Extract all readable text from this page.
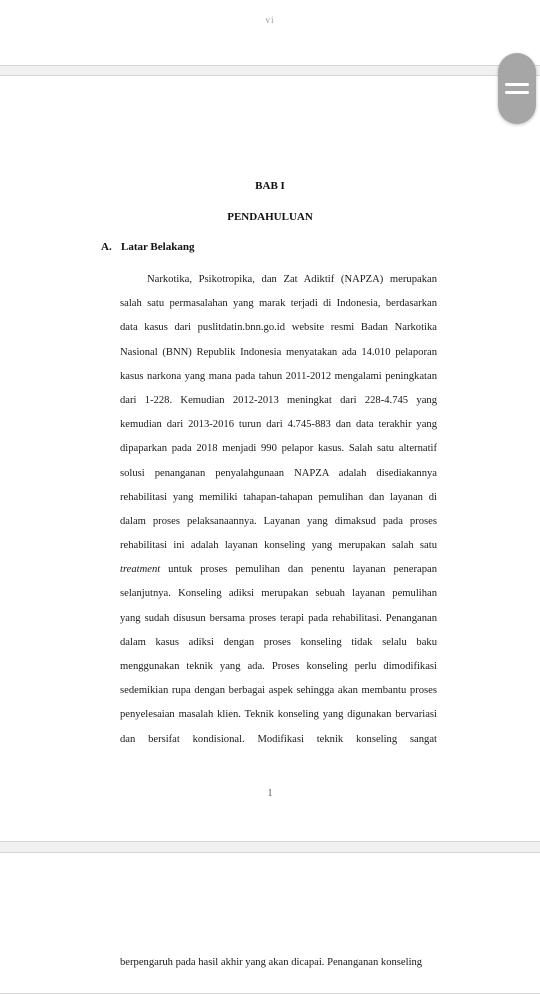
vi
BAB I
PENDAHULUAN
A. Latar Belakang
Narkotika, Psikotropika, dan Zat Adiktif (NAPZA) merupakan
salah satu permasalahan yang marak terjadi di Indonesia, berdasarkan
data kasus dari puslitdatin.bnn.go.id website resmi Badan Narkotika
Nasional (BNN) Republik Indonesia menyatakan ada 14.010 pelaporan
kasus narkona yang mana pada tahun 2011-2012 mengalami peningkatan
dari 1-228. Kemudian 2012-2013 meningkat dari 228-4.745 yang
kemudian dari 2013-2016 turun dari 4.745-883 dan data terakhir yang
dipaparkan pada 2018 menjadi 990 pelapor kasus. Salah satu alternatif
solusi penanganan penyalahgunaan NAPZA adalah disediakannya
rehabilitasi yang memiliki tahapan-tahapan pemulihan dan layanan di
dalam proses pelaksanaannya. Layanan yang dimaksud pada proses
rehabilitasi ini adalah layanan konseling yang merupakan salah satu
treatment untuk proses pemulihan dan penentu layanan penerapan
selanjutnya. Konseling adiksi merupakan sebuah layanan pemulihan
yang sudah disusun bersama proses terapi pada rehabilitasi. Penanganan
dalam kasus adiksi dengan proses konseling tidak selalu baku
menggunakan teknik yang ada. Proses konseling perlu dimodifikasi
sedemikian rupa dengan berbagai aspek sehingga akan membantu proses
penyelesaian masalah klien. Teknik konseling yang digunakan bervariasi
dan bersifat kondisional. Modifikasi teknik konseling sangat
1
berpengaruh pada hasil akhir yang akan dicapai. Penanganan konseling
